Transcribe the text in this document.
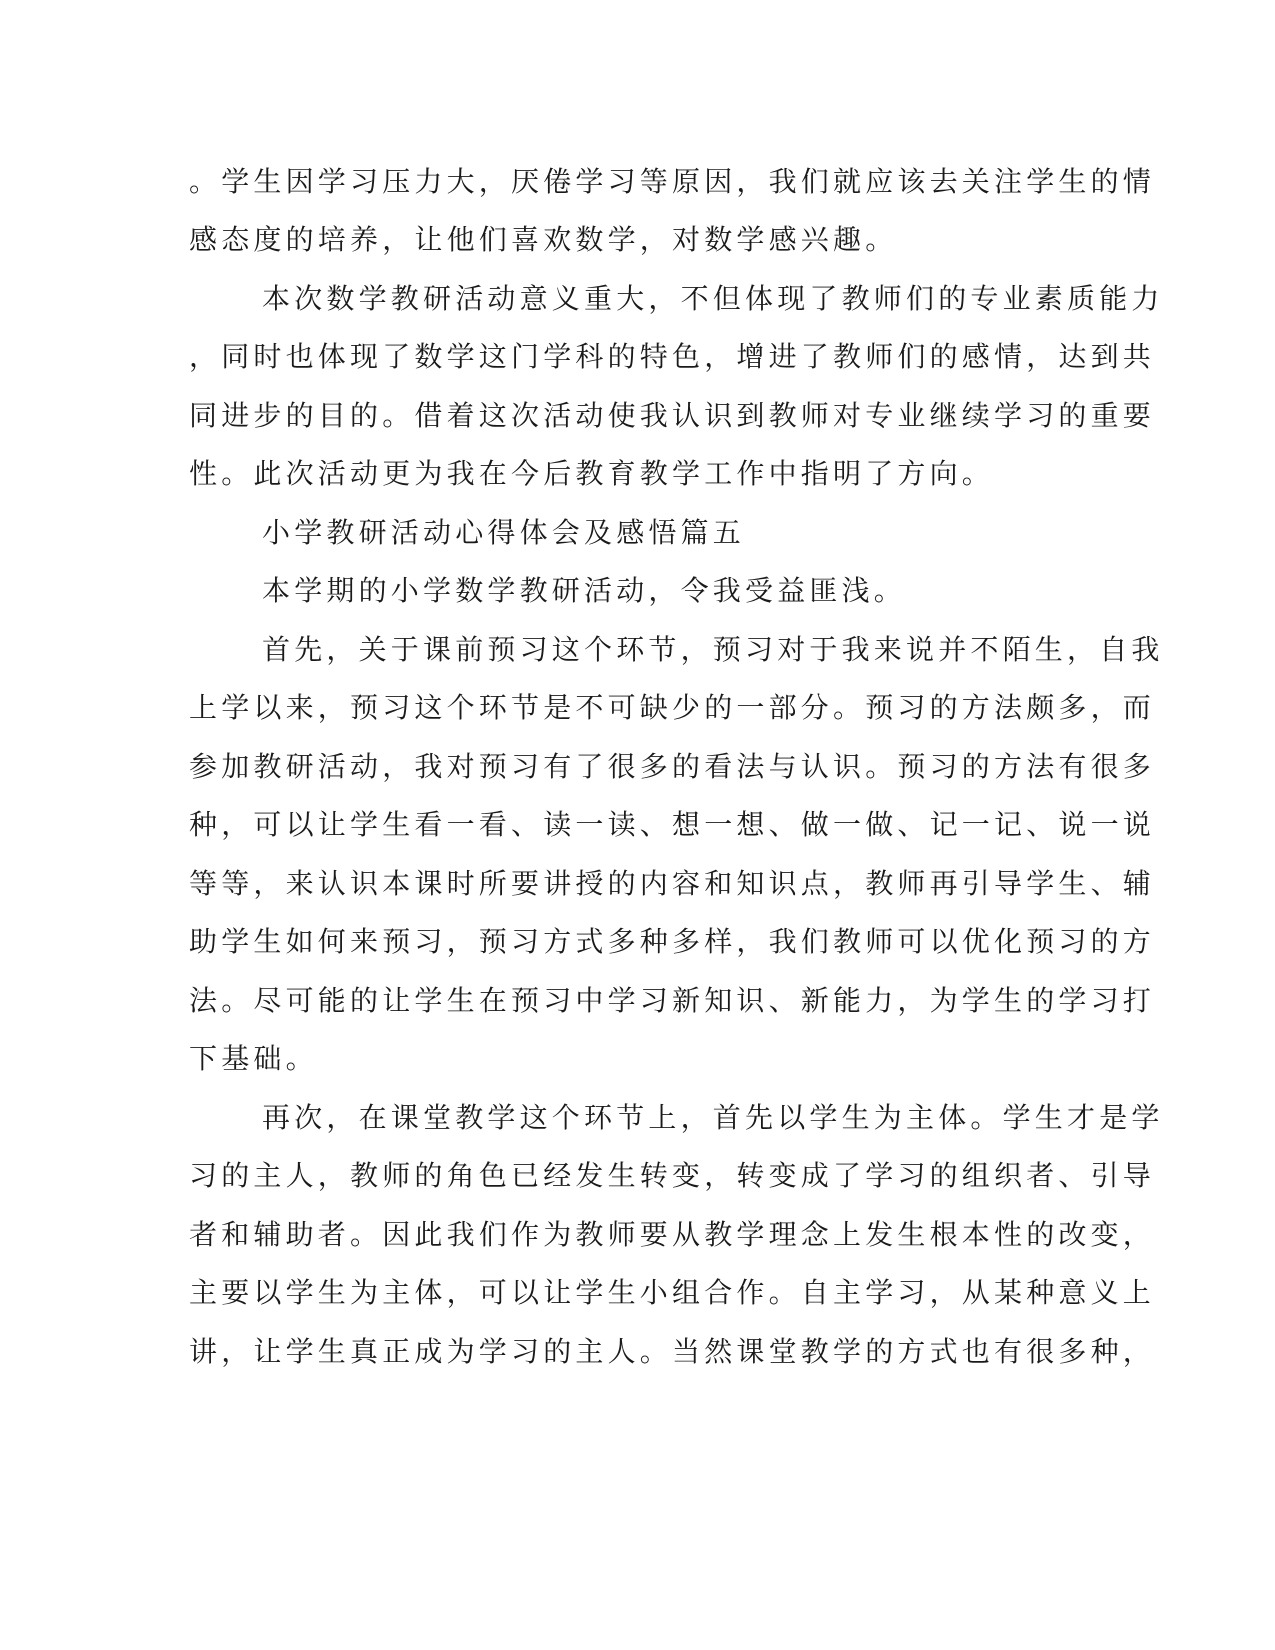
。学生因学习压力大，厌倦学习等原因，我们就应该去关注学生的情
感态度的培养，让他们喜欢数学，对数学感兴趣。
本次数学教研活动意义重大，不但体现了教师们的专业素质能力
，同时也体现了数学这门学科的特色，增进了教师们的感情，达到共
同进步的目的。借着这次活动使我认识到教师对专业继续学习的重要
性。此次活动更为我在今后教育教学工作中指明了方向。
小学教研活动心得体会及感悟篇五
本学期的小学数学教研活动，令我受益匪浅。
首先，关于课前预习这个环节，预习对于我来说并不陌生，自我
上学以来，预习这个环节是不可缺少的一部分。预习的方法颇多，而
参加教研活动，我对预习有了很多的看法与认识。预习的方法有很多
种，可以让学生看一看、读一读、想一想、做一做、记一记、说一说
等等，来认识本课时所要讲授的内容和知识点，教师再引导学生、辅
助学生如何来预习，预习方式多种多样，我们教师可以优化预习的方
法。尽可能的让学生在预习中学习新知识、新能力，为学生的学习打
下基础。
再次，在课堂教学这个环节上，首先以学生为主体。学生才是学
习的主人，教师的角色已经发生转变，转变成了学习的组织者、引导
者和辅助者。因此我们作为教师要从教学理念上发生根本性的改变，
主要以学生为主体，可以让学生小组合作。自主学习，从某种意义上
讲，让学生真正成为学习的主人。当然课堂教学的方式也有很多种，
